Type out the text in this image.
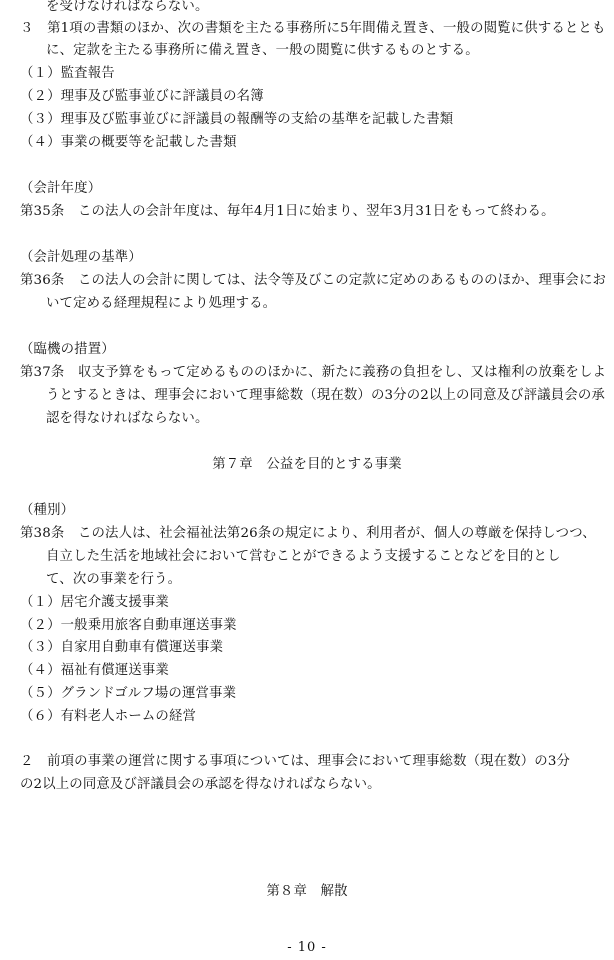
を受けなければならない。
３　第1項の書類のほか、次の書類を主たる事務所に5年間備え置き、一般の閲覧に供するととも
に、定款を主たる事務所に備え置き、一般の閲覧に供するものとする。
（１）監査報告
（２）理事及び監事並びに評議員の名簿
（３）理事及び監事並びに評議員の報酬等の支給の基準を記載した書類
（４）事業の概要等を記載した書類
（会計年度）
第35条　この法人の会計年度は、毎年4月1日に始まり、翌年3月31日をもって終わる。
（会計処理の基準）
第36条　この法人の会計に関しては、法令等及びこの定款に定めのあるもののほか、理事会にお
いて定める経理規程により処理する。
（臨機の措置）
第37条　収支予算をもって定めるもののほかに、新たに義務の負担をし、又は権利の放棄をしよ
うとするときは、理事会において理事総数（現在数）の3分の2以上の同意及び評議員会の承
認を得なければならない。
第７章　公益を目的とする事業
（種別）
第38条　この法人は、社会福祉法第26条の規定により、利用者が、個人の尊厳を保持しつつ、
自立した生活を地域社会において営むことができるよう支援することなどを目的とし
て、次の事業を行う。
（１）居宅介護支援事業
（２）一般乗用旅客自動車運送事業
（３）自家用自動車有償運送事業
（４）福祉有償運送事業
（５）グランドゴルフ場の運営事業
（６）有料老人ホームの経営
２　前項の事業の運営に関する事項については、理事会において理事総数（現在数）の3分
の2以上の同意及び評議員会の承認を得なければならない。
第８章　解散
- 10 -
